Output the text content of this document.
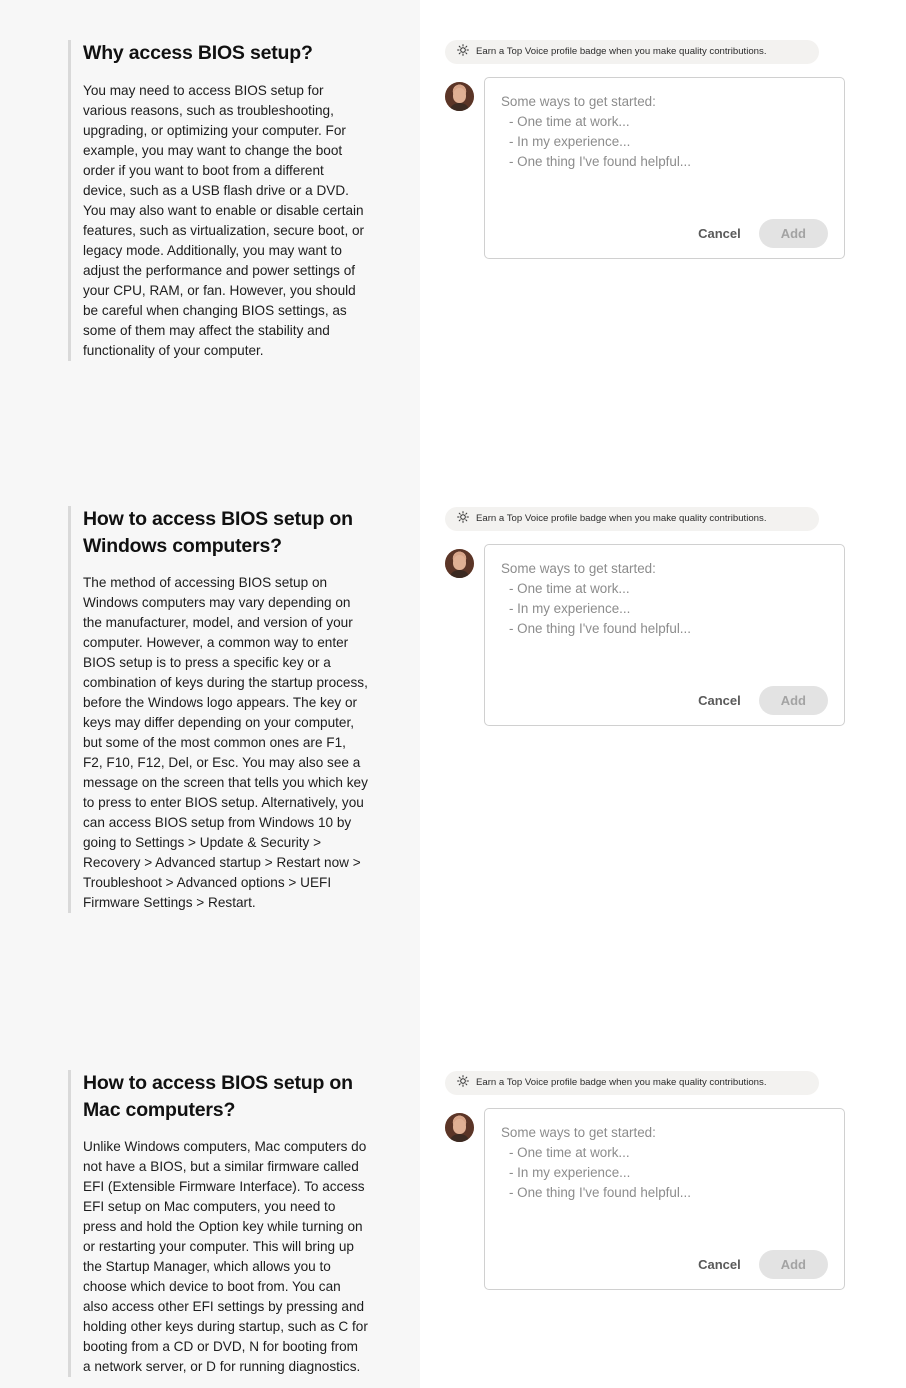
Why access BIOS setup?

You may need to access BIOS setup for various reasons, such as troubleshooting, upgrading, or optimizing your computer. For example, you may want to change the boot order if you want to boot from a different device, such as a USB flash drive or a DVD. You may also want to enable or disable certain features, such as virtualization, secure boot, or legacy mode. Additionally, you may want to adjust the performance and power settings of your CPU, RAM, or fan. However, you should be careful when changing BIOS settings, as some of them may affect the stability and functionality of your computer.

How to access BIOS setup on Windows computers?

The method of accessing BIOS setup on Windows computers may vary depending on the manufacturer, model, and version of your computer. However, a common way to enter BIOS setup is to press a specific key or a combination of keys during the startup process, before the Windows logo appears. The key or keys may differ depending on your computer, but some of the most common ones are F1, F2, F10, F12, Del, or Esc. You may also see a message on the screen that tells you which key to press to enter BIOS setup. Alternatively, you can access BIOS setup from Windows 10 by going to Settings > Update & Security > Recovery > Advanced startup > Restart now > Troubleshoot > Advanced options > UEFI Firmware Settings > Restart.

How to access BIOS setup on Mac computers?

Unlike Windows computers, Mac computers do not have a BIOS, but a similar firmware called EFI (Extensible Firmware Interface). To access EFI setup on Mac computers, you need to press and hold the Option key while turning on or restarting your computer. This will bring up the Startup Manager, which allows you to choose which device to boot from. You can also access other EFI settings by pressing and holding other keys during startup, such as C for booting from a CD or DVD, N for booting from a network server, or D for running diagnostics.

Earn a Top Voice profile badge when you make quality contributions.
Some ways to get started:
- One time at work...
- In my experience...
- One thing I've found helpful...
Cancel	Add
Earn a Top Voice profile badge when you make quality contributions.
Some ways to get started:
- One time at work...
- In my experience...
- One thing I've found helpful...
Cancel	Add
Earn a Top Voice profile badge when you make quality contributions.
Some ways to get started:
- One time at work...
- In my experience...
- One thing I've found helpful...
Cancel	Add
